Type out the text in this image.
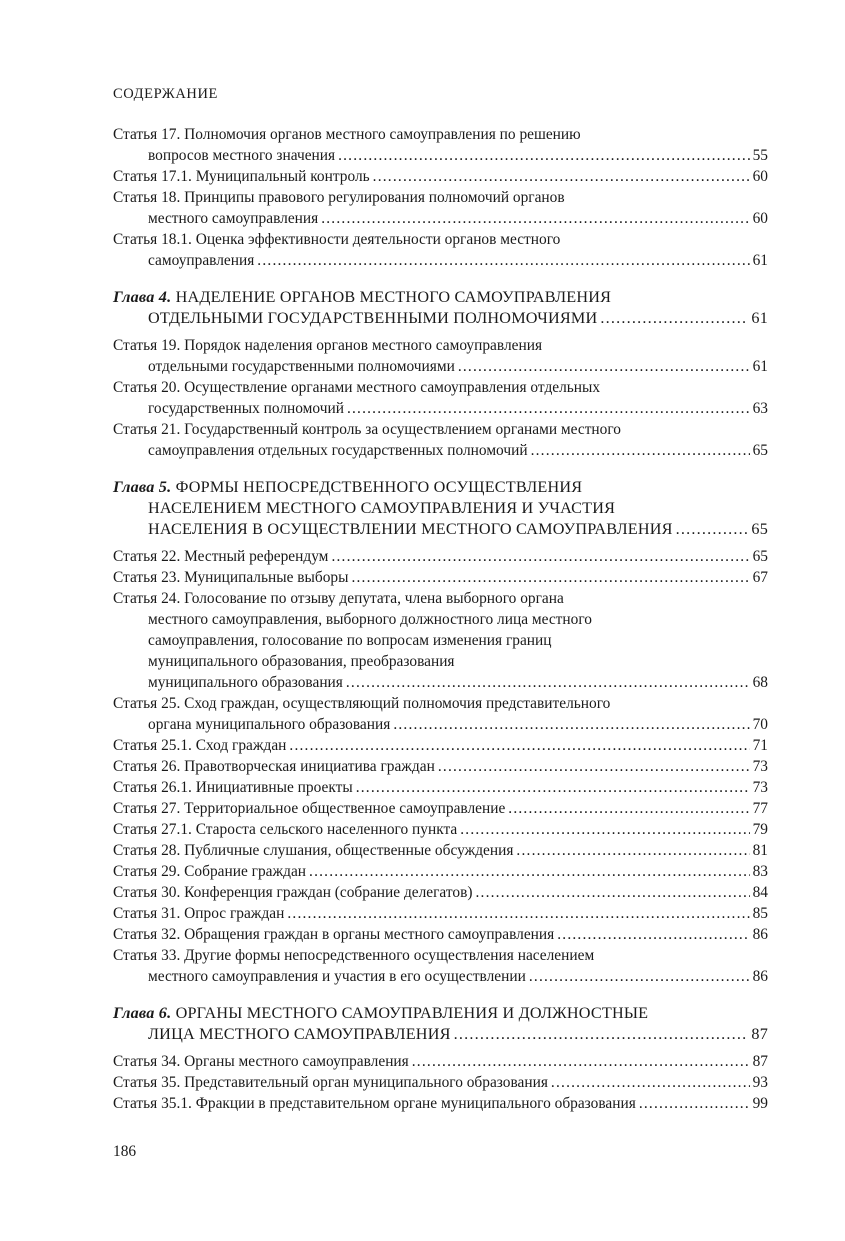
СОДЕРЖАНИЕ
Статья 17. Полномочия органов местного самоуправления по решению
вопросов местного значения .....	55
Статья 17.1. Муниципальный контроль .....	60
Статья 18. Принципы правового регулирования полномочий органов
местного самоуправления .....	60
Статья 18.1. Оценка эффективности деятельности органов местного
самоуправления .....	61
Глава 4. НАДЕЛЕНИЕ ОРГАНОВ МЕСТНОГО САМОУПРАВЛЕНИЯ
ОТДЕЛЬНЫМИ ГОСУДАРСТВЕННЫМИ ПОЛНОМОЧИЯМИ .....	61
Статья 19. Порядок наделения органов местного самоуправления
отдельными государственными полномочиями .....	61
Статья 20. Осуществление органами местного самоуправления отдельных
государственных полномочий .....	63
Статья 21. Государственный контроль за осуществлением органами местного
самоуправления отдельных государственных полномочий .....	65
Глава 5. ФОРМЫ НЕПОСРЕДСТВЕННОГО ОСУЩЕСТВЛЕНИЯ
НАСЕЛЕНИЕМ МЕСТНОГО САМОУПРАВЛЕНИЯ И УЧАСТИЯ
НАСЕЛЕНИЯ В ОСУЩЕСТВЛЕНИИ МЕСТНОГО САМОУПРАВЛЕНИЯ .....	65
Статья 22. Местный референдум .....	65
Статья 23. Муниципальные выборы .....	67
Статья 24. Голосование по отзыву депутата, члена выборного органа
местного самоуправления, выборного должностного лица местного
самоуправления, голосование по вопросам изменения границ
муниципального образования, преобразования
муниципального образования .....	68
Статья 25. Сход граждан, осуществляющий полномочия представительного
органа муниципального образования .....	70
Статья 25.1. Сход граждан .....	71
Статья 26. Правотворческая инициатива граждан .....	73
Статья 26.1. Инициативные проекты .....	73
Статья 27. Территориальное общественное самоуправление .....	77
Статья 27.1. Староста сельского населенного пункта .....	79
Статья 28. Публичные слушания, общественные обсуждения .....	81
Статья 29. Собрание граждан .....	83
Статья 30. Конференция граждан (собрание делегатов) .....	84
Статья 31. Опрос граждан .....	85
Статья 32. Обращения граждан в органы местного самоуправления .....	86
Статья 33. Другие формы непосредственного осуществления населением
местного самоуправления и участия в его осуществлении .....	86
Глава 6. ОРГАНЫ МЕСТНОГО САМОУПРАВЛЕНИЯ И ДОЛЖНОСТНЫЕ
ЛИЦА МЕСТНОГО САМОУПРАВЛЕНИЯ .....	87
Статья 34. Органы местного самоуправления .....	87
Статья 35. Представительный орган муниципального образования .....	93
Статья 35.1. Фракции в представительном органе муниципального образования .....	99
186
